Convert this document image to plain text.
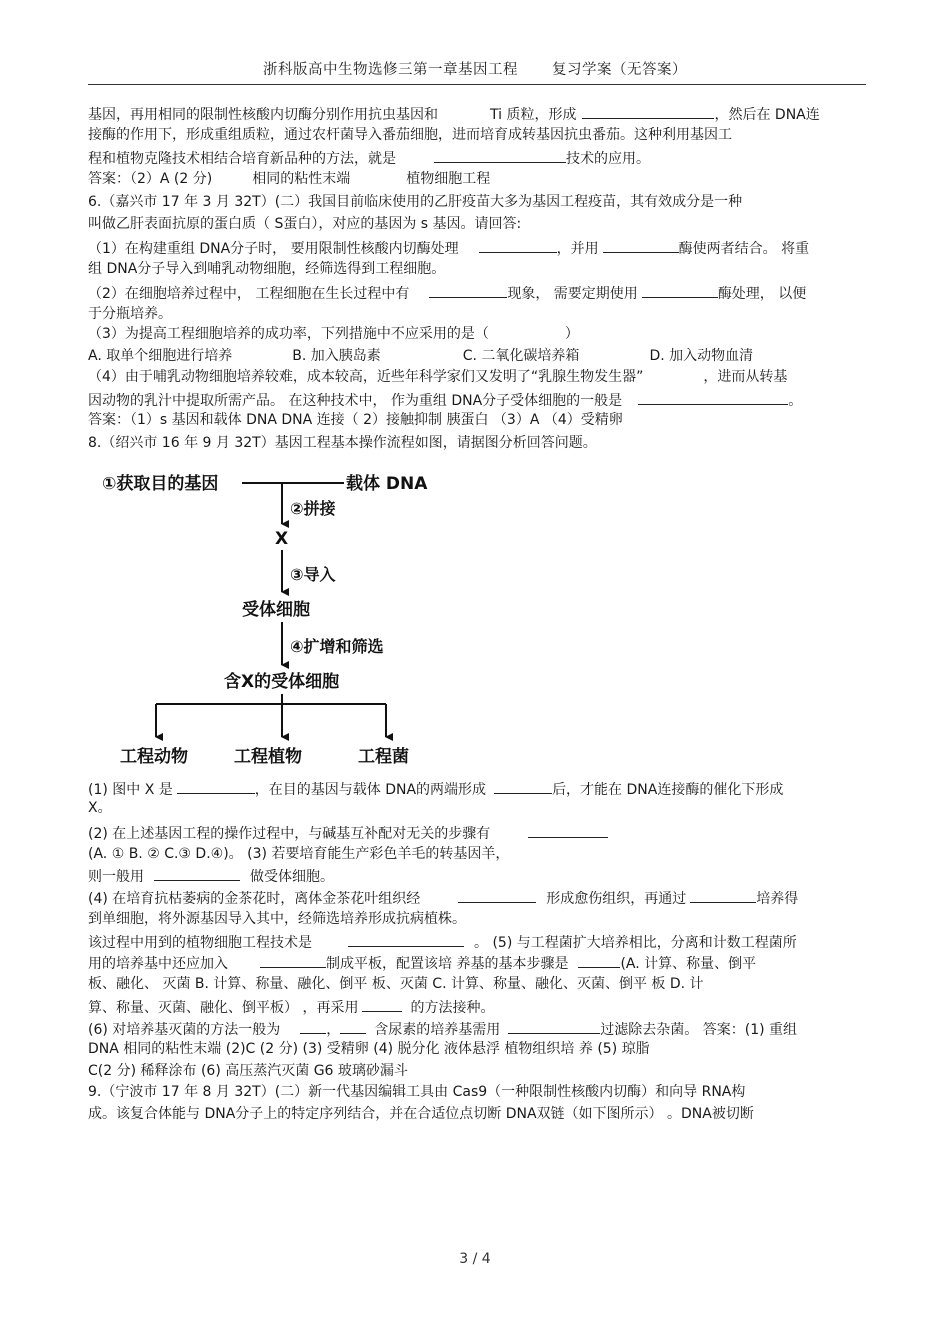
浙科版高中生物选修三第一章基因工程 复习学案（无答案）
基因，再用相同的限制性核酸内切酶分别作用抗虫基因和	Ti 质粒，形成	，然后在 DNA连
接酶的作用下，形成重组质粒，通过农杆菌导入番茄细胞，进而培育成转基因抗虫番茄。这种利用基因工
程和植物克隆技术相结合培育新品种的方法，就是	技术的应用。
答案：（2）A (2 分)	相同的粘性末端	植物细胞工程
6.（嘉兴市 17 年 3 月 32T）(二）我国目前临床使用的乙肝疫苗大多为基因工程疫苗，其有效成分是一种
叫做乙肝表面抗原的蛋白质（ S蛋白），对应的基因为 s 基因。请回答:
（1）在构建重组 DNA分子时， 要用限制性核酸内切酶处理	，并用	酶使两者结合。 将重
组 DNA分子导入到哺乳动物细胞，经筛选得到工程细胞。
（2）在细胞培养过程中， 工程细胞在生长过程中有	现象， 需要定期使用	酶处理， 以便
于分瓶培养。
（3）为提高工程细胞培养的成功率，下列措施中不应采用的是（	）
A. 取单个细胞进行培养	B. 加入胰岛素	C. 二氧化碳培养箱	D. 加入动物血清
（4）由于哺乳动物细胞培养较难，成本较高，近些年科学家们又发明了“乳腺生物发生器”	，进而从转基
因动物的乳汁中提取所需产品。 在这种技术中， 作为重组 DNA分子受体细胞的一般是	。
答案：（1）s 基因和载体 DNA DNA 连接（ 2）接触抑制 胰蛋白 （3）A （4）受精卵
8.（绍兴市 16 年 9 月 32T）基因工程基本操作流程如图，请据图分析回答问题。
①获取目的基因	载体 DNA
②拼接
X
③导入
受体细胞
④扩增和筛选
含X的受体细胞
工程动物	工程植物	工程菌
(1) 图中 X 是	，在目的基因与载体 DNA的两端形成	后，才能在 DNA连接酶的催化下形成
X。
(2) 在上述基因工程的操作过程中，与碱基互补配对无关的步骤有
(A. ① B. ② C.③ D.④)。 (3) 若要培育能生产彩色羊毛的转基因羊，
则一般用	做受体细胞。
(4) 在培育抗枯萎病的金茶花时，离体金茶花叶组织经	形成愈伤组织，再通过	培养得
到单细胞，将外源基因导入其中，经筛选培养形成抗病植株。
该过程中用到的植物细胞工程技术是	。 (5) 与工程菌扩大培养相比，分离和计数工程菌所
用的培养基中还应加入	制成平板，配置该培 养基的基本步骤是	(A. 计算、称量、倒平
板、融化、 灭菌 B. 计算、称量、融化、倒平 板、灭菌 C. 计算、称量、融化、灭菌、倒平 板 D. 计
算、称量、灭菌、融化、倒平板） ，再采用	的方法接种。
(6) 对培养基灭菌的方法一般为	， 含尿素的培养基需用	过滤除去杂菌。 答案：(1) 重组
DNA 相同的粘性末端 (2)C (2 分) (3) 受精卵 (4) 脱分化 液体悬浮 植物组织培 养 (5) 琼脂
C(2 分) 稀释涂布 (6) 高压蒸汽灭菌 G6 玻璃砂漏斗
9.（宁波市 17 年 8 月 32T）(二）新一代基因编辑工具由 Cas9（一种限制性核酸内切酶）和向导 RNA构
成。该复合体能与 DNA分子上的特定序列结合，并在合适位点切断 DNA双链（如下图所示） 。DNA被切断
3 / 4
